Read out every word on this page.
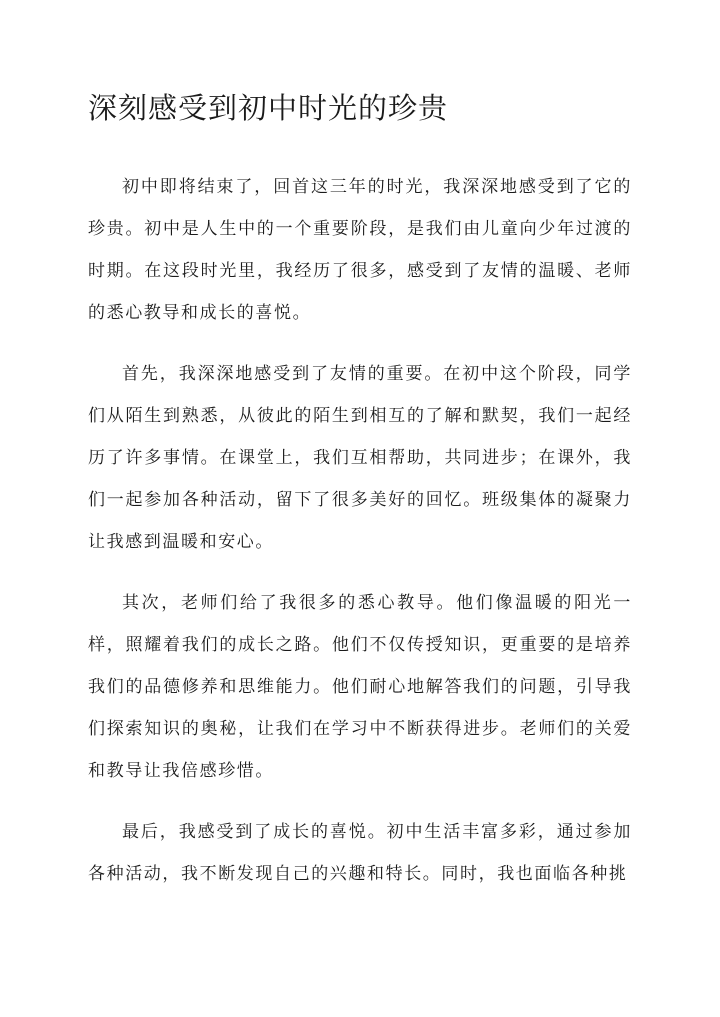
深刻感受到初中时光的珍贵

初中即将结束了，回首这三年的时光，我深深地感受到了它的珍贵。初中是人生中的一个重要阶段，是我们由儿童向少年过渡的时期。在这段时光里，我经历了很多，感受到了友情的温暖、老师的悉心教导和成长的喜悦。

首先，我深深地感受到了友情的重要。在初中这个阶段，同学们从陌生到熟悉，从彼此的陌生到相互的了解和默契，我们一起经历了许多事情。在课堂上，我们互相帮助，共同进步；在课外，我们一起参加各种活动，留下了很多美好的回忆。班级集体的凝聚力让我感到温暖和安心。

其次，老师们给了我很多的悉心教导。他们像温暖的阳光一样，照耀着我们的成长之路。他们不仅传授知识，更重要的是培养我们的品德修养和思维能力。他们耐心地解答我们的问题，引导我们探索知识的奥秘，让我们在学习中不断获得进步。老师们的关爱和教导让我倍感珍惜。

最后，我感受到了成长的喜悦。初中生活丰富多彩，通过参加各种活动，我不断发现自己的兴趣和特长。同时，我也面临各种挑
